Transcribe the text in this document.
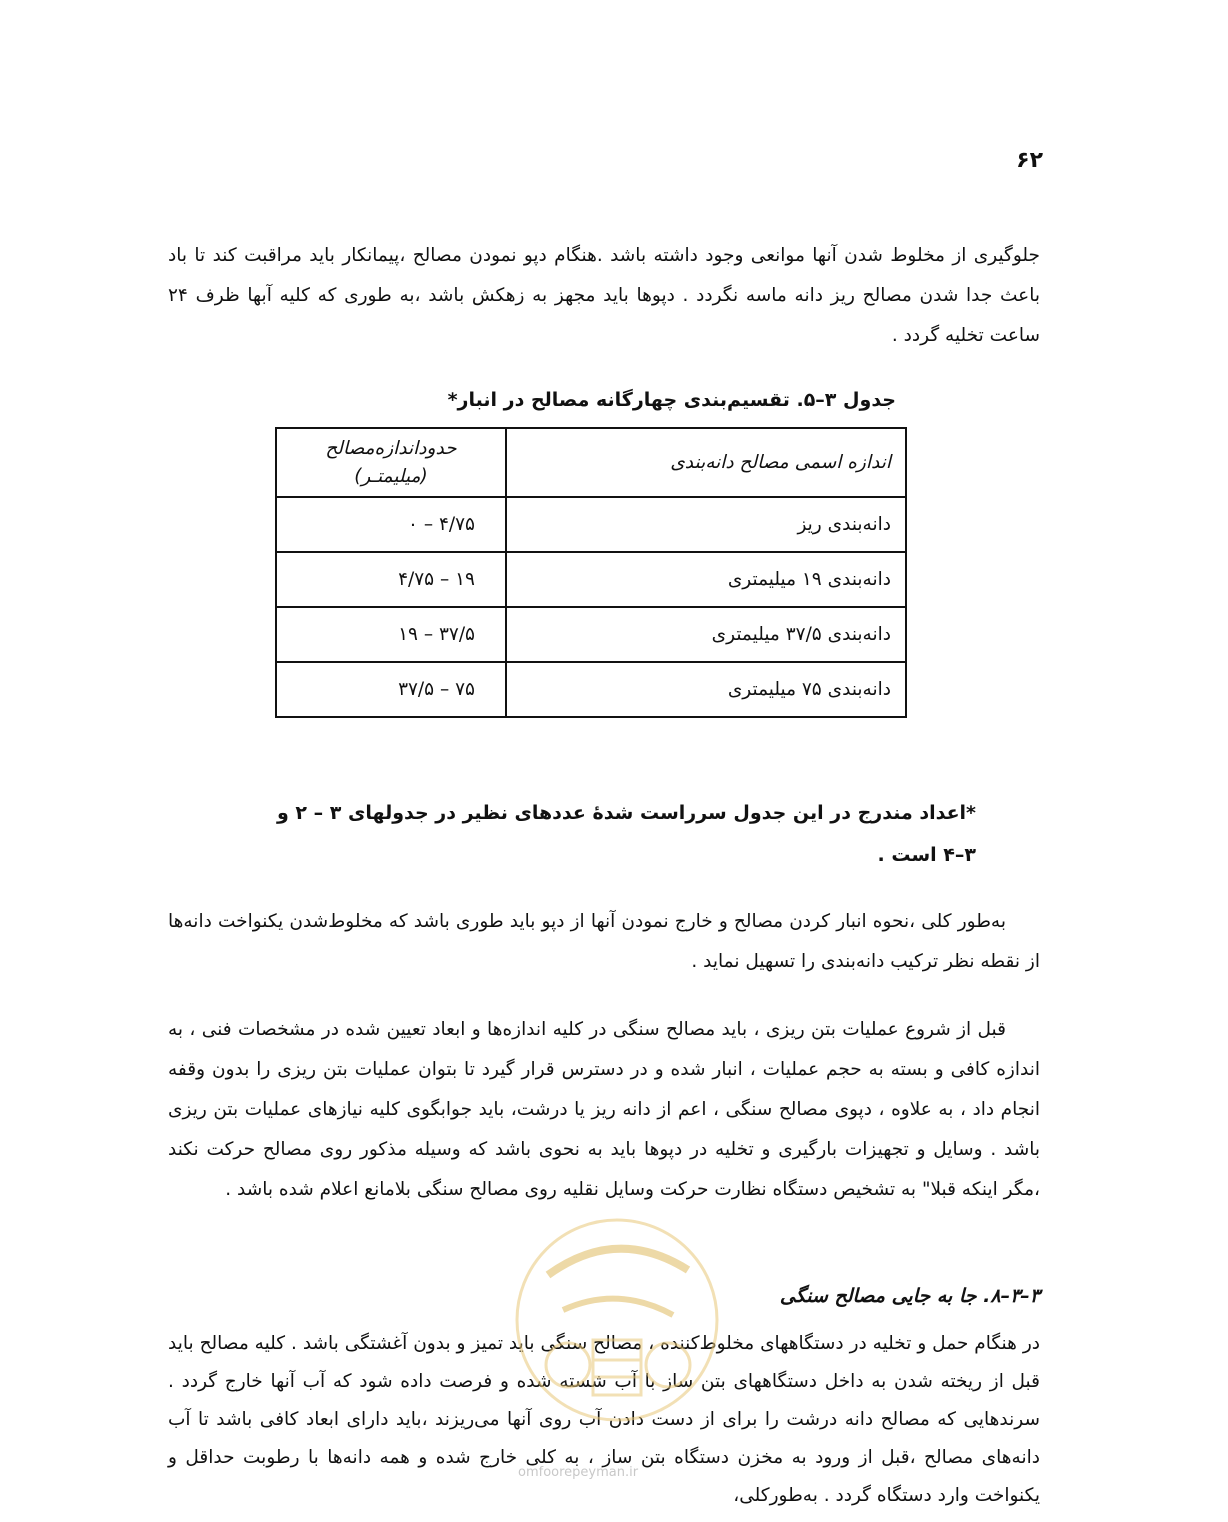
۶۲

جلوگیری از مخلوط شدن آنها موانعی وجود داشته باشد .هنگام دپو نمودن مصالح ،پیمانکار باید مراقبت کند تا باد باعث جدا شدن مصالح ریز دانه ماسه نگردد . دپوها باید مجهز به زهکش باشد ،به طوری که کلیه آبها ظرف ۲۴ ساعت تخلیه گردد .

جدول ۳–۵. تقسیم‌بندی چهارگانه مصالح در انبار*
اندازه اسمی مصالح دانه‌بندی	حدوداندازه‌مصالح
(میلیمتـر)

دانه‌بندی ریز	۴/۷۵ – ۰
دانه‌بندی ۱۹ میلیمتری	۱۹ – ۴/۷۵
دانه‌بندی ۳۷/۵ میلیمتری	۳۷/۵ – ۱۹
دانه‌بندی ۷۵ میلیمتری	۷۵ – ۳۷/۵

*اعداد مندرج در این جدول سرراست شده‌ٔ عددهای نظیر در جدولهای ۳ – ۲ و ۳–۴ است .

به‌طور کلی ،نحوه انبار کردن مصالح و خارج نمودن آنها از دپو باید طوری باشد که مخلوط‌شدن یکنواخت دانه‌ها از نقطه نظر ترکیب دانه‌بندی را تسهیل نماید .

قبل از شروع عملیات بتن ریزی ، باید مصالح سنگی در کلیه اندازه‌ها و ابعاد تعیین شده در مشخصات فنی ، به اندازه کافی و بسته به حجم عملیات ، انبار شده و در دسترس قرار گیرد تا بتوان عملیات بتن ریزی را بدون وقفه انجام داد ، به علاوه ، دپوی مصالح سنگی ، اعم از دانه ریز یا درشت، باید جوابگوی کلیه نیازهای عملیات بتن ریزی باشد . وسایل و تجهیزات بارگیری و تخلیه در دپوها باید به نحوی باشد که وسیله مذکور روی مصالح حرکت نکند ،مگر اینکه قبلا" به تشخیص دستگاه نظارت حرکت وسایل نقلیه روی مصالح سنگی بلامانع اعلام شده باشد .

۳–۳–۸. جا به جایی مصالح سنگی

در هنگام حمل و تخلیه در دستگاههای مخلوط‌کننده ، مصالح سنگی باید تمیز و بدون آغشتگی باشد . کلیه مصالح باید قبل از ریخته شدن به داخل دستگاههای بتن ساز با آب شسته شده و فرصت داده شود که آب آنها خارج گردد . سرندهایی که مصالح دانه درشت را برای از دست دادن آب روی آنها می‌ریزند ،باید دارای ابعاد کافی باشد تا آب دانه‌های مصالح ،قبل از ورود به مخزن دستگاه بتن ساز ، به کلی خارج شده و همه دانه‌ها با رطوبت حداقل و یکنواخت وارد دستگاه گردد . به‌طورکلی،

omfoorepeyman.ir
